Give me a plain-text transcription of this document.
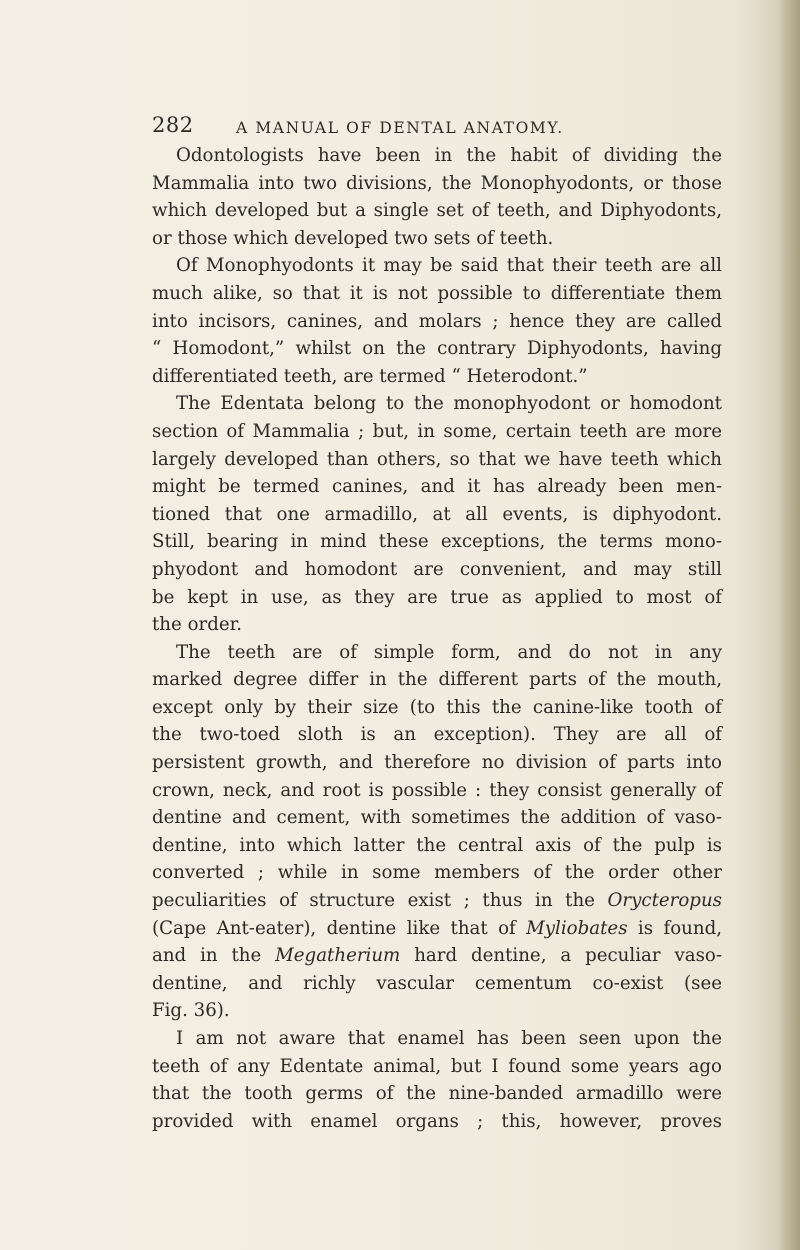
282	A MANUAL OF DENTAL ANATOMY.
Odontologists have been in the habit of dividing the
Mammalia into two divisions, the Monophyodonts, or those
which developed but a single set of teeth, and Diphyodonts,
or those which developed two sets of teeth.
Of Monophyodonts it may be said that their teeth are all
much alike, so that it is not possible to differentiate them
into incisors, canines, and molars ; hence they are called
“ Homodont,” whilst on the contrary Diphyodonts, having
differentiated teeth, are termed “ Heterodont.”
The Edentata belong to the monophyodont or homodont
section of Mammalia ; but, in some, certain teeth are more
largely developed than others, so that we have teeth which
might be termed canines, and it has already been men-
tioned that one armadillo, at all events, is diphyodont.
Still, bearing in mind these exceptions, the terms mono-
phyodont and homodont are convenient, and may still
be kept in use, as they are true as applied to most of
the order.
The teeth are of simple form, and do not in any
marked degree differ in the different parts of the mouth,
except only by their size (to this the canine-like tooth of
the two-toed sloth is an exception). They are all of
persistent growth, and therefore no division of parts into
crown, neck, and root is possible : they consist generally of
dentine and cement, with sometimes the addition of vaso-
dentine, into which latter the central axis of the pulp is
converted ; while in some members of the order other
peculiarities of structure exist ; thus in the Orycteropus
(Cape Ant-eater), dentine like that of Myliobates is found,
and in the Megatherium hard dentine, a peculiar vaso-
dentine, and richly vascular cementum co-exist (see
Fig. 36).
I am not aware that enamel has been seen upon the
teeth of any Edentate animal, but I found some years ago
that the tooth germs of the nine-banded armadillo were
provided with enamel organs ; this, however, proves
